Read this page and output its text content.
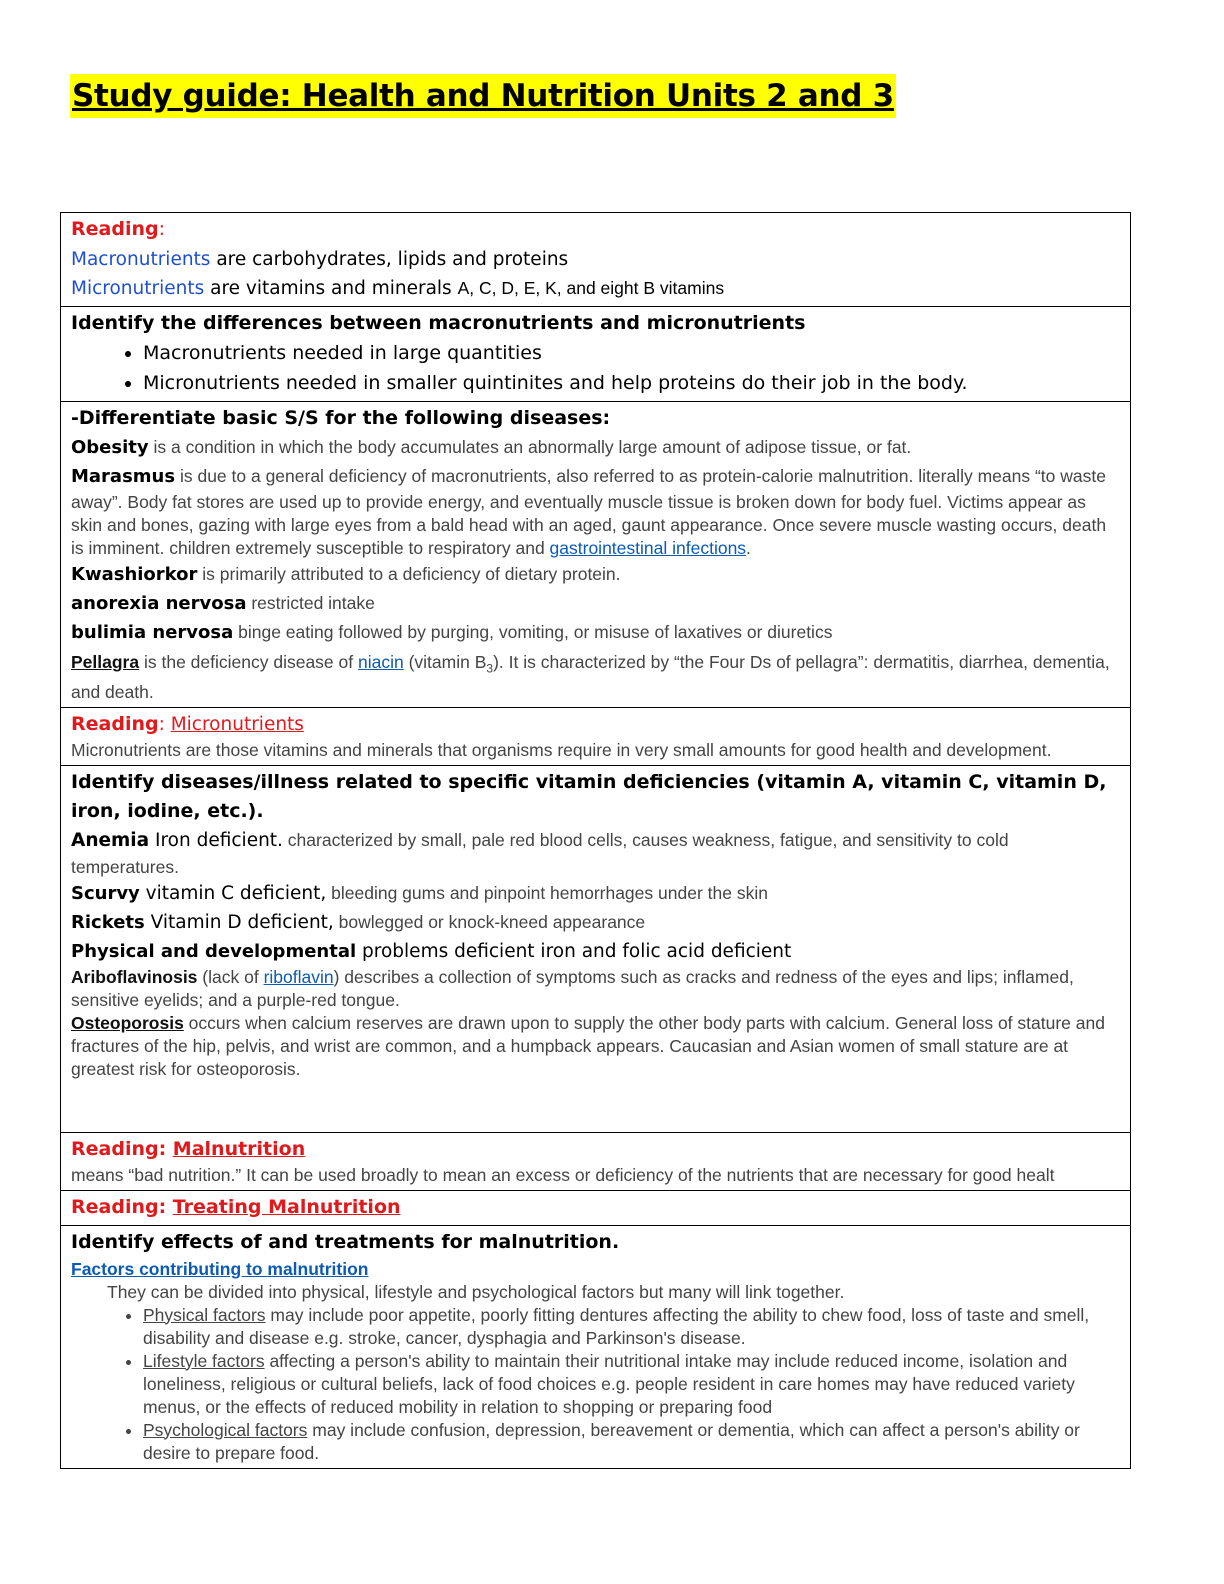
Study guide: Health and Nutrition Units 2 and 3

Reading:

Macronutrients are carbohydrates, lipids and proteins

Micronutrients are vitamins and minerals A, C, D, E, K, and eight B vitamins

Identify the differences between macronutrients and micronutrients

• Macronutrients needed in large quantities
• Micronutrients needed in smaller quintinites and help proteins do their job in the body.

-Differentiate basic S/S for the following diseases:

Obesity is a condition in which the body accumulates an abnormally large amount of adipose tissue, or fat.

Marasmus is due to a general deficiency of macronutrients, also referred to as protein-calorie malnutrition. literally means “to waste away”. Body fat stores are used up to provide energy, and eventually muscle tissue is broken down for body fuel. Victims appear as skin and bones, gazing with large eyes from a bald head with an aged, gaunt appearance. Once severe muscle wasting occurs, death is imminent. children extremely susceptible to respiratory and gastrointestinal infections.

Kwashiorkor is primarily attributed to a deficiency of dietary protein.

anorexia nervosa restricted intake

bulimia nervosa binge eating followed by purging, vomiting, or misuse of laxatives or diuretics

Pellagra is the deficiency disease of niacin (vitamin $B_3$). It is characterized by “the Four Ds of pellagra”: dermatitis, diarrhea, dementia, and death.

Reading: Micronutrients

Micronutrients are those vitamins and minerals that organisms require in very small amounts for good health and development.

Identify diseases/illness related to specific vitamin deficiencies (vitamin A, vitamin C, vitamin D, iron, iodine, etc.).

Anemia Iron deficient. characterized by small, pale red blood cells, causes weakness, fatigue, and sensitivity to cold temperatures.

Scurvy vitamin C deficient, bleeding gums and pinpoint hemorrhages under the skin

Rickets Vitamin D deficient, bowlegged or knock-kneed appearance

Physical and developmental problems deficient iron and folic acid deficient

Ariboflavinosis (lack of riboflavin) describes a collection of symptoms such as cracks and redness of the eyes and lips; inflamed, sensitive eyelids; and a purple-red tongue.

Osteoporosis occurs when calcium reserves are drawn upon to supply the other body parts with calcium. General loss of stature and fractures of the hip, pelvis, and wrist are common, and a humpback appears. Caucasian and Asian women of small stature are at greatest risk for osteoporosis.

Reading: Malnutrition

means “bad nutrition.” It can be used broadly to mean an excess or deficiency of the nutrients that are necessary for good healt

Reading: Treating Malnutrition

Identify effects of and treatments for malnutrition.

Factors contributing to malnutrition

They can be divided into physical, lifestyle and psychological factors but many will link together.

• Physical factors may include poor appetite, poorly fitting dentures affecting the ability to chew food, loss of taste and smell, disability and disease e.g. stroke, cancer, dysphagia and Parkinson's disease.
• Lifestyle factors affecting a person's ability to maintain their nutritional intake may include reduced income, isolation and loneliness, religious or cultural beliefs, lack of food choices e.g. people resident in care homes may have reduced variety menus, or the effects of reduced mobility in relation to shopping or preparing food
• Psychological factors may include confusion, depression, bereavement or dementia, which can affect a person's ability or desire to prepare food.
